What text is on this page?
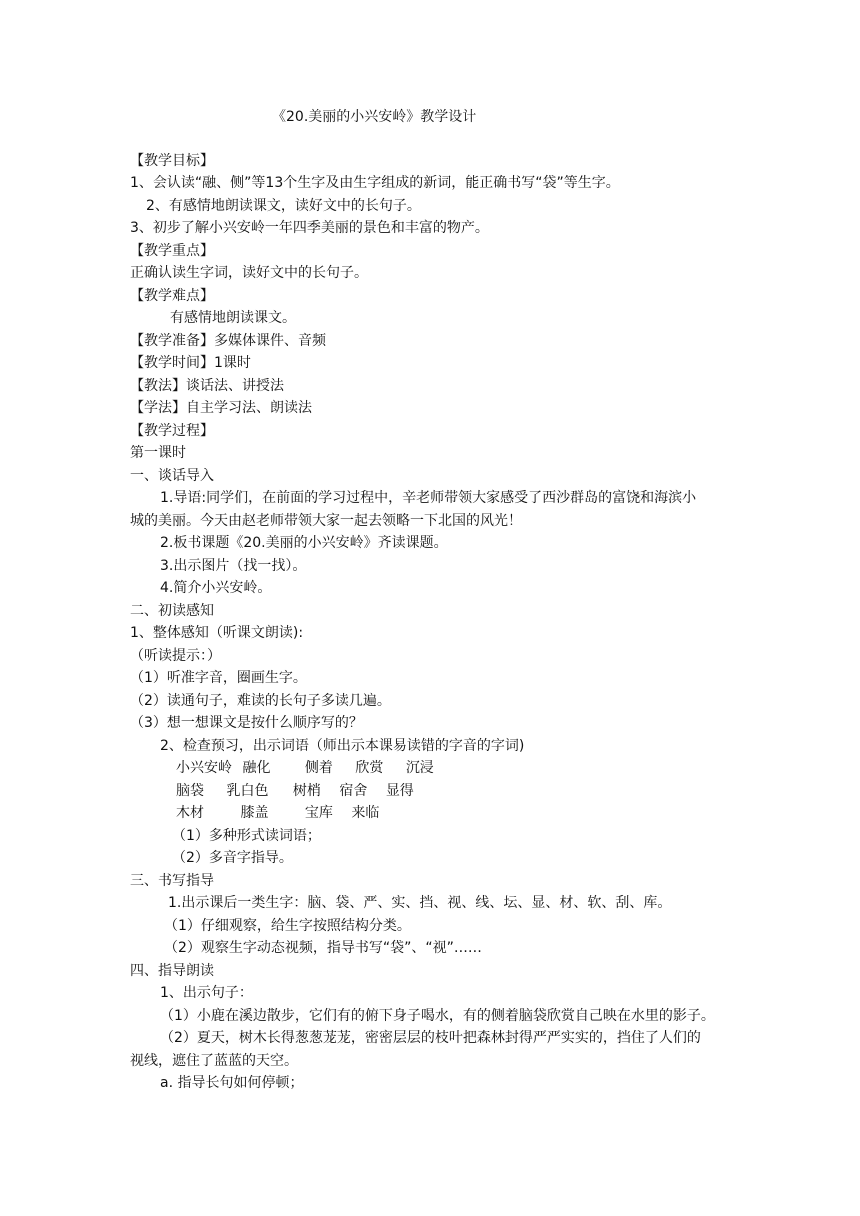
《20.美丽的小兴安岭》教学设计
【教学目标】
1、会认读“融、侧”等13个生字及由生字组成的新词，能正确书写“袋”等生字。
2、有感情地朗读课文，读好文中的长句子。
3、初步了解小兴安岭一年四季美丽的景色和丰富的物产。
【教学重点】
正确认读生字词，读好文中的长句子。
【教学难点】
有感情地朗读课文。
【教学准备】多媒体课件、音频
【教学时间】1课时
【教法】谈话法、讲授法
【学法】自主学习法、朗读法
【教学过程】
第一课时
一、谈话导入
1.导语:同学们，在前面的学习过程中，辛老师带领大家感受了西沙群岛的富饶和海滨小
城的美丽。今天由赵老师带领大家一起去领略一下北国的风光！
2.板书课题《20.美丽的小兴安岭》齐读课题。
3.出示图片（找一找）。
4.简介小兴安岭。
二、初读感知
1、整体感知（听课文朗读):
（听读提示：）
（1）听准字音，圈画生字。
（2）读通句子，难读的长句子多读几遍。
（3）想一想课文是按什么顺序写的？
2、检查预习，出示词语（师出示本课易读错的字音的字词)
小兴安岭 融化 侧着 欣赏 沉浸
脑袋 乳白色 树梢 宿舍 显得
木材	膝盖	宝库 来临
（1）多种形式读词语；
（2）多音字指导。
三、书写指导
1.出示课后一类生字：脑、袋、严、实、挡、视、线、坛、显、材、软、刮、库。
（1）仔细观察，给生字按照结构分类。
（2）观察生字动态视频，指导书写“袋”、“视”……
四、指导朗读
1、出示句子：
（1）小鹿在溪边散步，它们有的俯下身子喝水，有的侧着脑袋欣赏自己映在水里的影子。
（2）夏天，树木长得葱葱茏茏，密密层层的枝叶把森林封得严严实实的，挡住了人们的
视线，遮住了蓝蓝的天空。
a. 指导长句如何停顿；
